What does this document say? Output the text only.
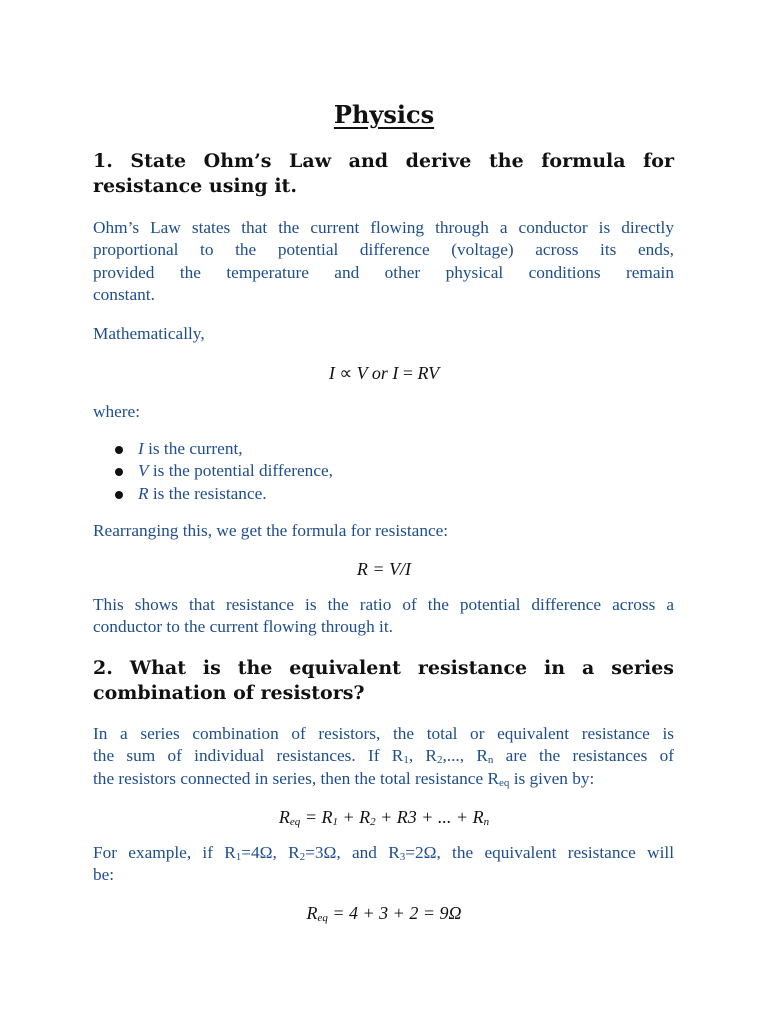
Physics
1. State Ohm’s Law and derive the formula for
resistance using it.
Ohm’s Law states that the current flowing through a conductor is directly
proportional to the potential difference (voltage) across its ends,
provided the temperature and other physical conditions remain
constant.
Mathematically,
I ∝ V or I = RV
where:
I is the current,
V is the potential difference,
R is the resistance.
Rearranging this, we get the formula for resistance:
R = V/I
This shows that resistance is the ratio of the potential difference across a
conductor to the current flowing through it.
2. What is the equivalent resistance in a series
combination of resistors?
In a series combination of resistors, the total or equivalent resistance is
the sum of individual resistances. If $R_1$, $R_2$,..., $R_n$ are the resistances of
the resistors connected in series, then the total resistance $R_{eq}$ is given by:
$R_{eq} = R_1 + R_2 + R3$ + ... + $R_n$
For example, if $R_1=4\Omega$, $R_2=3\Omega$, and $R_3=2\Omega$, the equivalent resistance will
be:
$R_{eq} = 4 + 3 + 2 = 9\Omega$
